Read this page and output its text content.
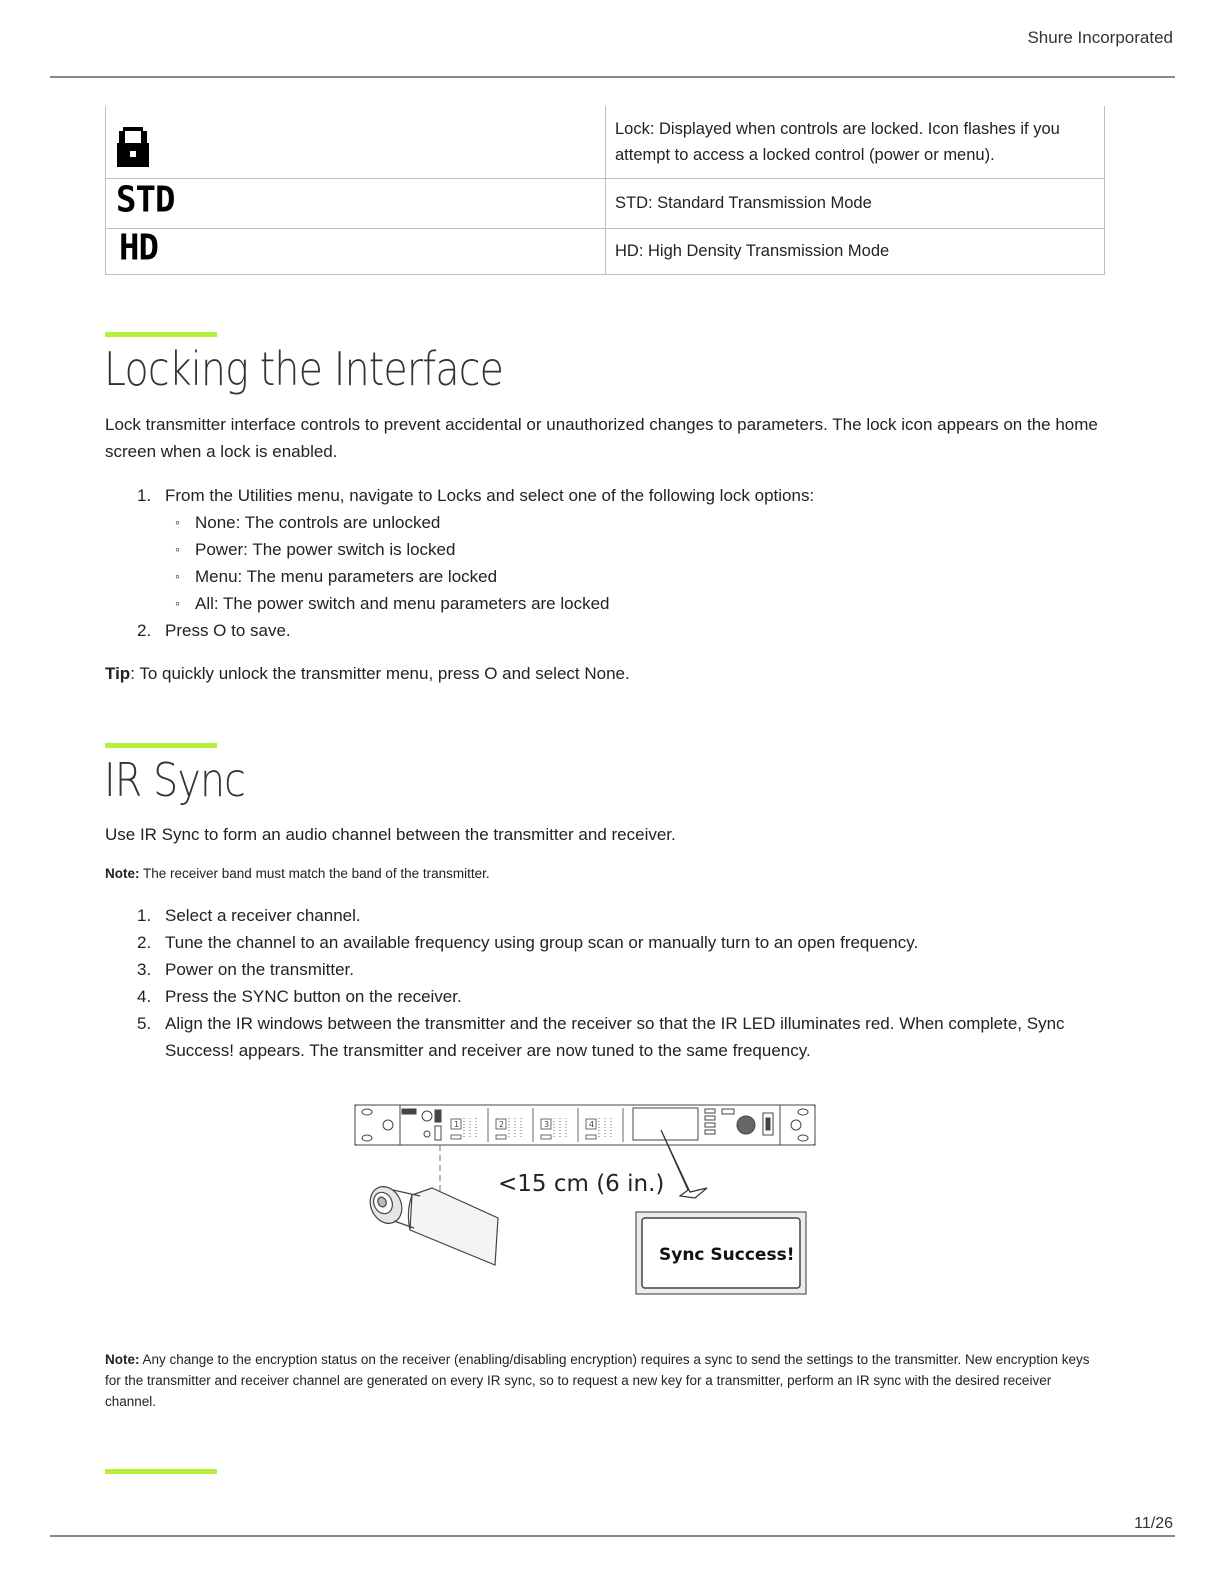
Shure Incorporated
	Lock: Displayed when controls are locked. Icon flashes if you attempt to access a locked control (power or menu).
STD	STD: Standard Transmission Mode
HD	HD: High Density Transmission Mode
Locking the Interface
Lock transmitter interface controls to prevent accidental or unauthorized changes to parameters. The lock icon appears on the home screen when a lock is enabled.
1. From the Utilities menu, navigate to Locks and select one of the following lock options:
◦ None: The controls are unlocked
◦ Power: The power switch is locked
◦ Menu: The menu parameters are locked
◦ All: The power switch and menu parameters are locked
2. Press O to save.
Tip: To quickly unlock the transmitter menu, press O and select None.
IR Sync
Use IR Sync to form an audio channel between the transmitter and receiver.
Note: The receiver band must match the band of the transmitter.
1. Select a receiver channel.
2. Tune the channel to an available frequency using group scan or manually turn to an open frequency.
3. Power on the transmitter.
4. Press the SYNC button on the receiver.
5. Align the IR windows between the transmitter and the receiver so that the IR LED illuminates red. When complete, Sync Success! appears. The transmitter and receiver are now tuned to the same frequency.
1	2	3	4
<15 cm (6 in.)
Sync Success!
Note: Any change to the encryption status on the receiver (enabling/disabling encryption) requires a sync to send the settings to the transmitter. New encryption keys for the transmitter and receiver channel are generated on every IR sync, so to request a new key for a transmitter, perform an IR sync with the desired receiver channel.
11/26
